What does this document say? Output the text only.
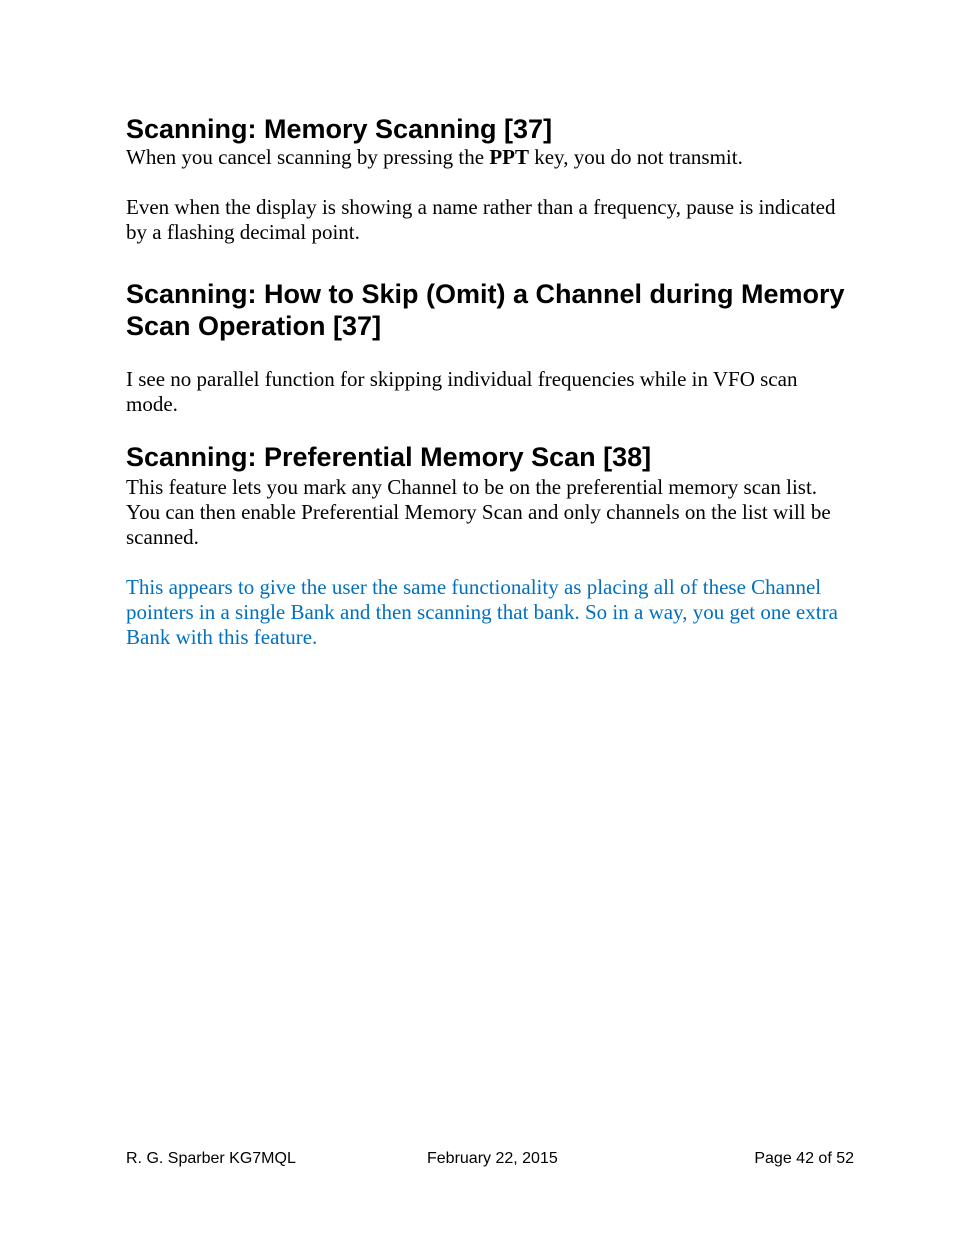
Scanning: Memory Scanning [37]

When you cancel scanning by pressing the PPT key, you do not transmit.

Even when the display is showing a name rather than a frequency, pause is indicated by a flashing decimal point.

Scanning: How to Skip (Omit) a Channel during Memory Scan Operation [37]

I see no parallel function for skipping individual frequencies while in VFO scan mode.

Scanning: Preferential Memory Scan [38]

This feature lets you mark any Channel to be on the preferential memory scan list. You can then enable Preferential Memory Scan and only channels on the list will be scanned.

This appears to give the user the same functionality as placing all of these Channel pointers in a single Bank and then scanning that bank. So in a way, you get one extra Bank with this feature.

R. G. Sparber KG7MQL	February 22, 2015	Page 42 of 52
